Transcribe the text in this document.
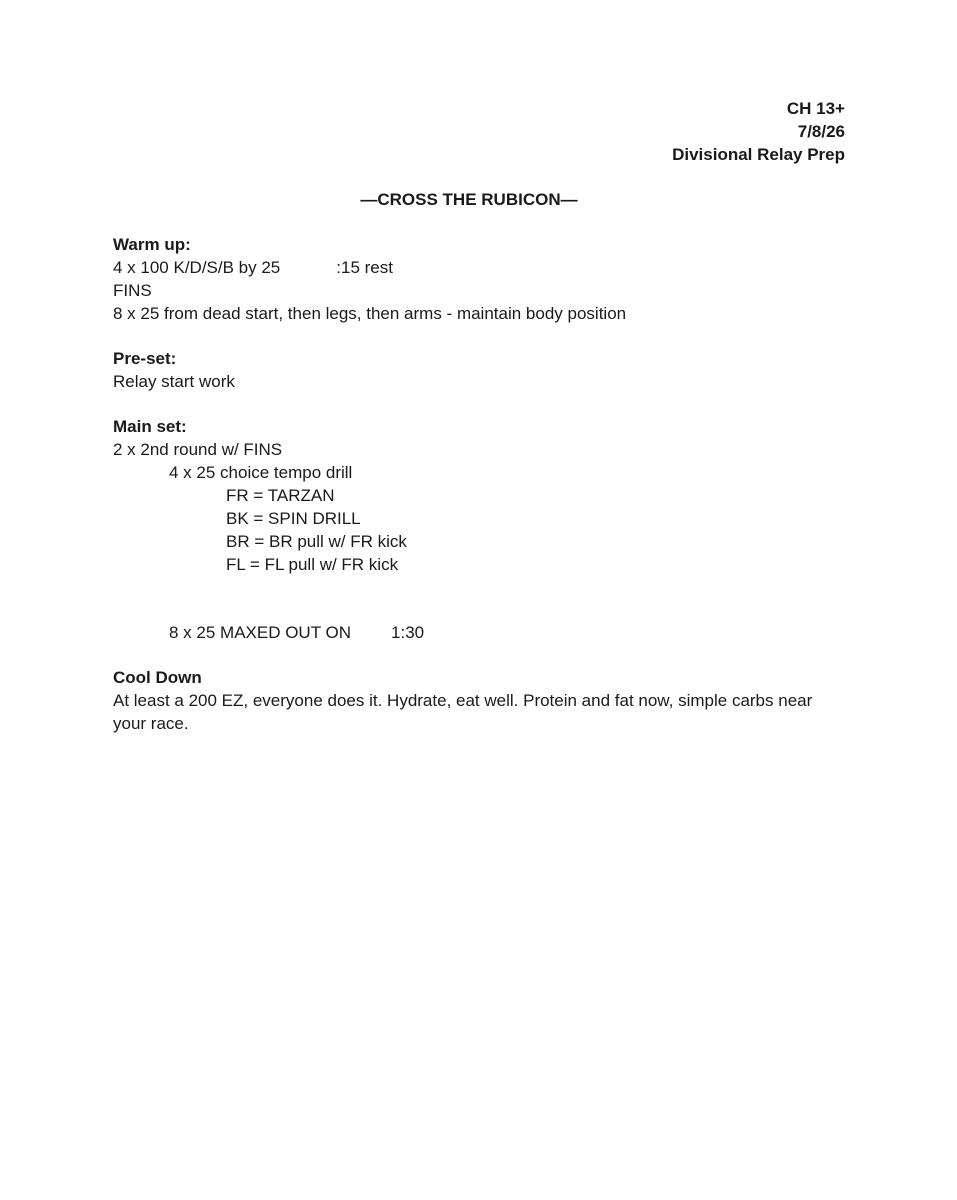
CH 13+
7/8/26
Divisional Relay Prep
—CROSS THE RUBICON—
Warm up:
4 x 100 K/D/S/B by 25	:15 rest
FINS
8 x 25 from dead start, then legs, then arms - maintain body position
Pre-set:
Relay start work
Main set:
2 x 2nd round w/ FINS
4 x 25 choice tempo drill
FR = TARZAN
BK = SPIN DRILL
BR = BR pull w/ FR kick
FL = FL pull w/ FR kick
8 x 25 MAXED OUT ON 1:30
Cool Down
At least a 200 EZ, everyone does it. Hydrate, eat well. Protein and fat now, simple carbs near your race.
